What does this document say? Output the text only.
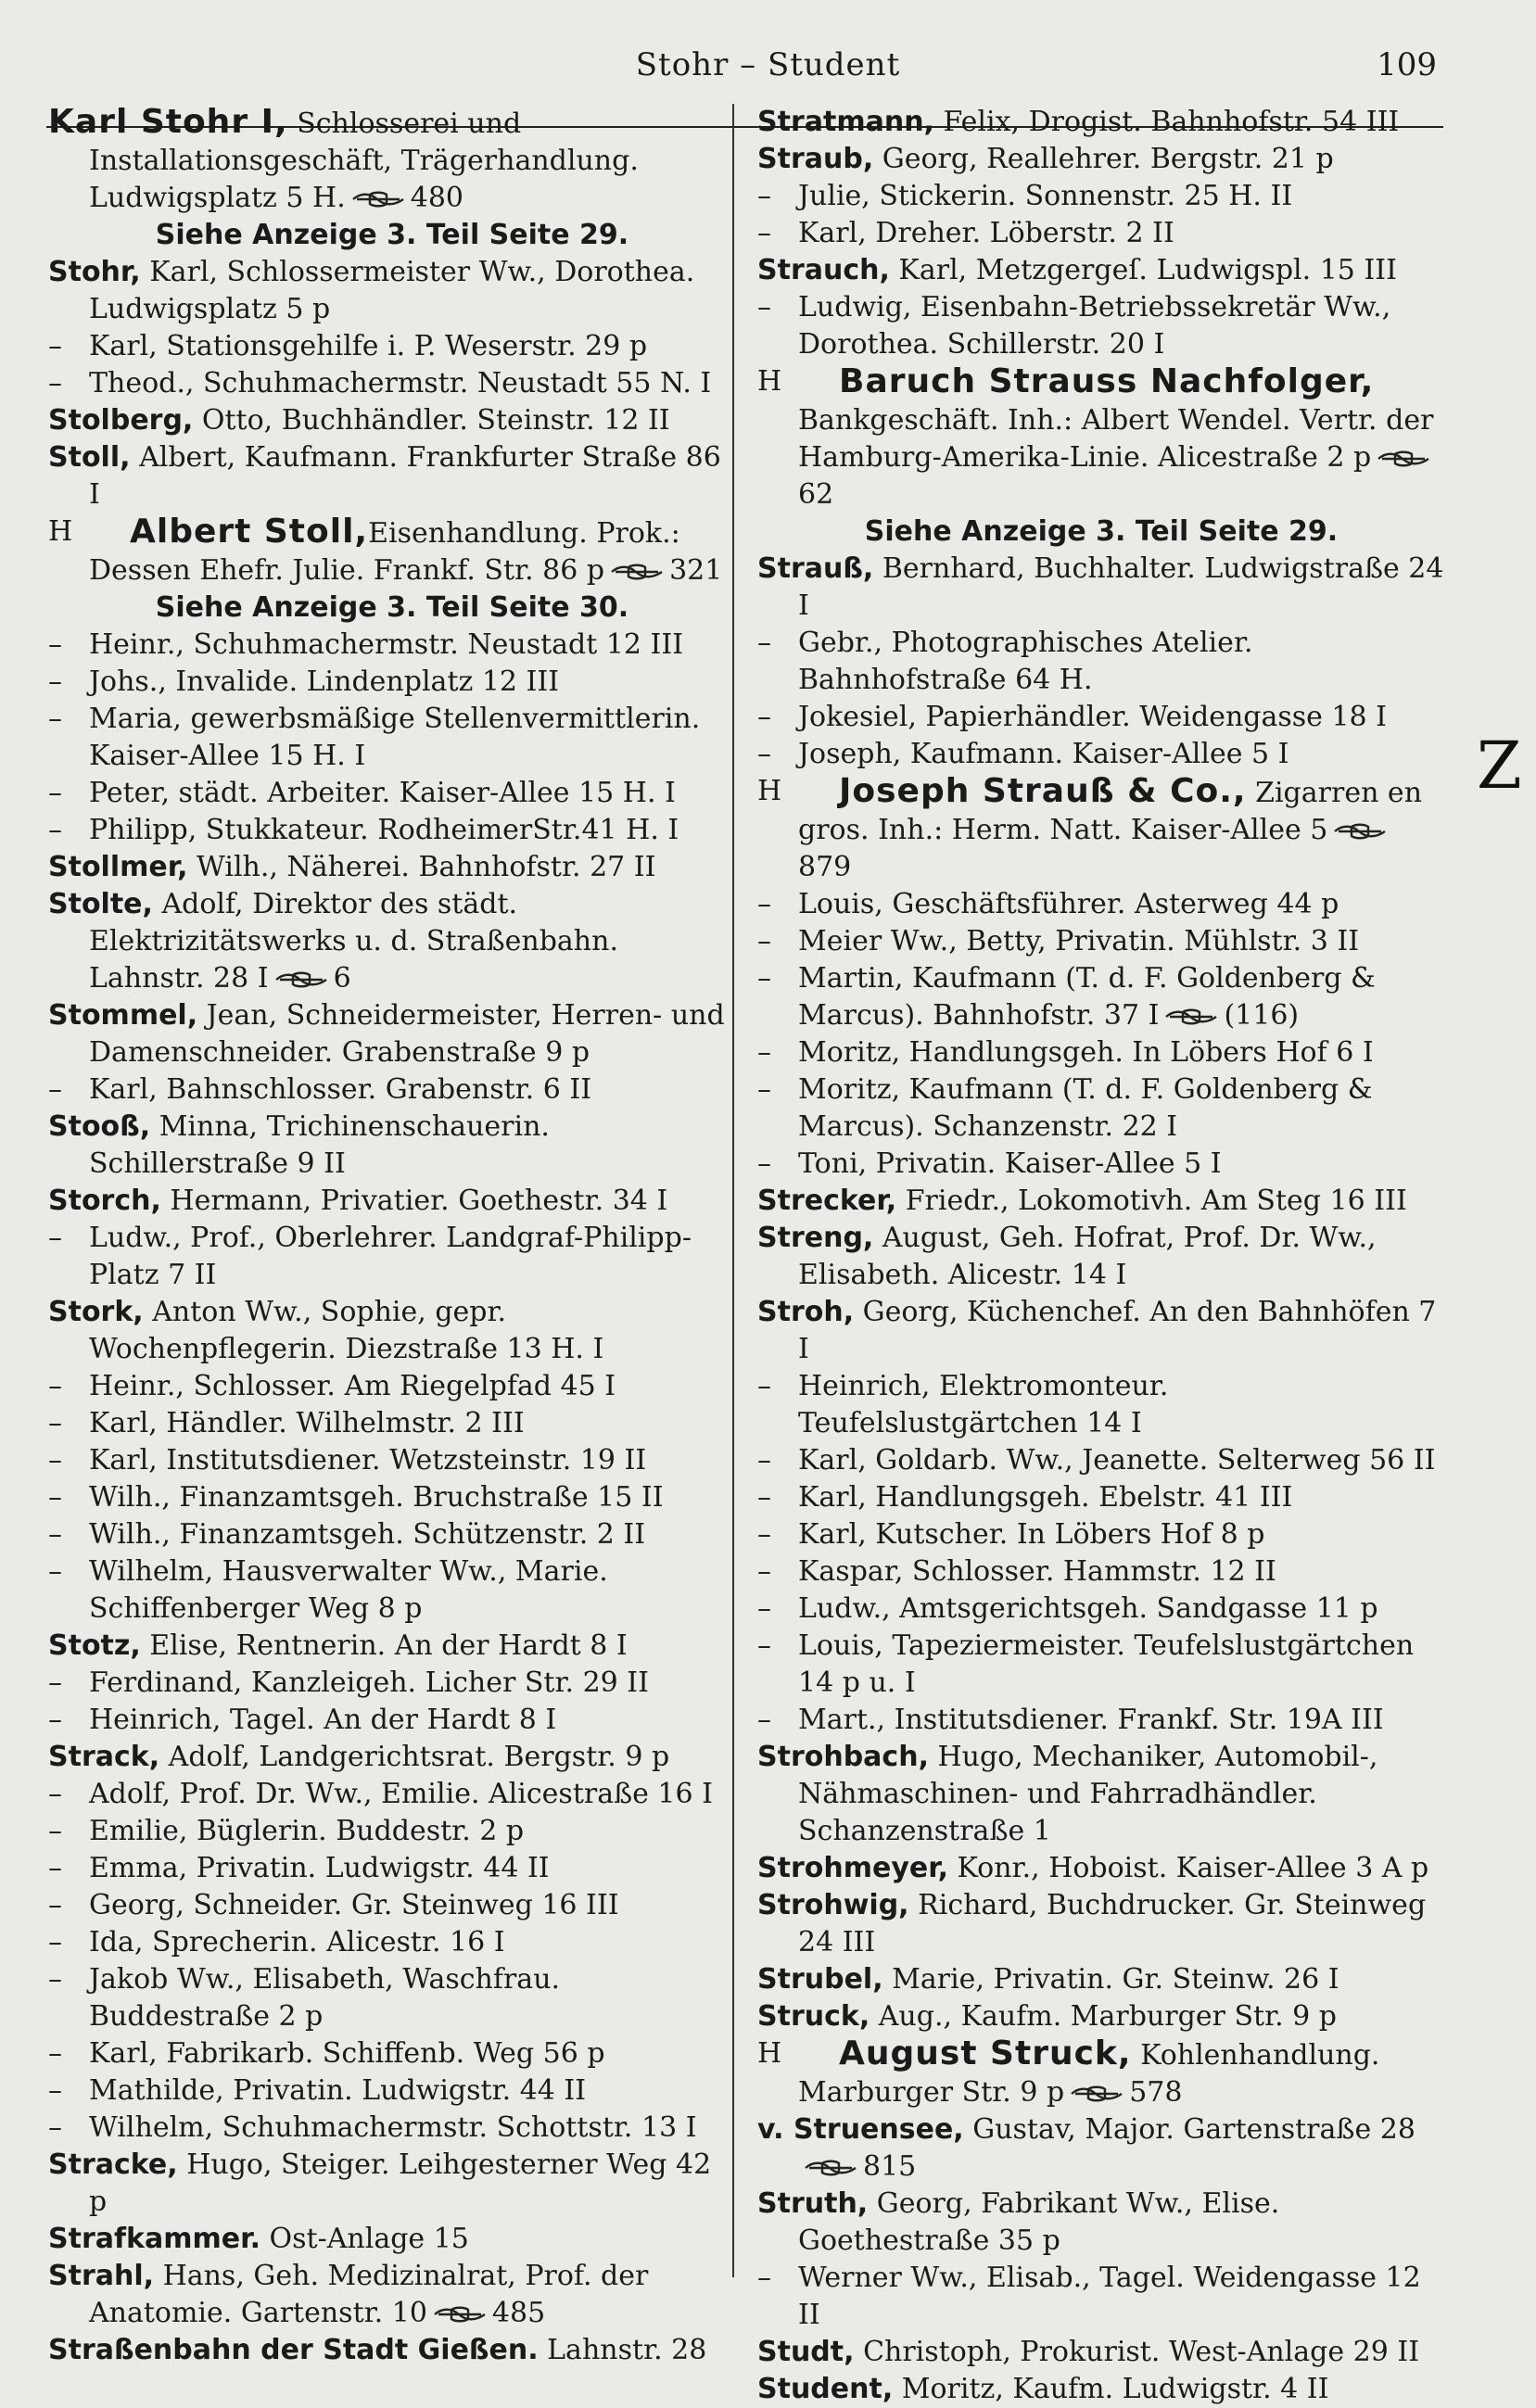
Stohr – Student	109

Karl Stohr I, Schlosserei und Installationsgeschäft, Trägerhandlung. Ludwigsplatz 5 H. 480

Siehe Anzeige 3. Teil Seite 29.

Stohr, Karl, Schlossermeister Ww., Dorothea. Ludwigsplatz 5 p

– Karl, Stationsgehilfe i. P. Weserstr. 29 p

– Theod., Schuhmachermstr. Neustadt 55 N. I

Stolberg, Otto, Buchhändler. Steinstr. 12 II

Stoll, Albert, Kaufmann. Frankfurter Straße 86 I

H Albert Stoll,Eisenhandlung. Prok.: Dessen Ehefr. Julie. Frankf. Str. 86 p 321

Siehe Anzeige 3. Teil Seite 30.

– Heinr., Schuhmachermstr. Neustadt 12 III

– Johs., Invalide. Lindenplatz 12 III

– Maria, gewerbsmäßige Stellenvermittlerin. Kaiser-Allee 15 H. I

– Peter, städt. Arbeiter. Kaiser-Allee 15 H. I

– Philipp, Stukkateur. RodheimerStr.41 H. I

Stollmer, Wilh., Näherei. Bahnhofstr. 27 II

Stolte, Adolf, Direktor des städt. Elektrizitätswerks u. d. Straßenbahn. Lahnstr. 28 I 6

Stommel, Jean, Schneidermeister, Herren- und Damenschneider. Grabenstraße 9 p

– Karl, Bahnschlosser. Grabenstr. 6 II

Stooß, Minna, Trichinenschauerin. Schillerstraße 9 II

Storch, Hermann, Privatier. Goethestr. 34 I

– Ludw., Prof., Oberlehrer. Landgraf-Philipp-Platz 7 II

Stork, Anton Ww., Sophie, gepr. Wochenpflegerin. Diezstraße 13 H. I

– Heinr., Schlosser. Am Riegelpfad 45 I

– Karl, Händler. Wilhelmstr. 2 III

– Karl, Institutsdiener. Wetzsteinstr. 19 II

– Wilh., Finanzamtsgeh. Bruchstraße 15 II

– Wilh., Finanzamtsgeh. Schützenstr. 2 II

– Wilhelm, Hausverwalter Ww., Marie. Schiffenberger Weg 8 p

Stotz, Elise, Rentnerin. An der Hardt 8 I

– Ferdinand, Kanzleigeh. Licher Str. 29 II

– Heinrich, Tagel. An der Hardt 8 I

Strack, Adolf, Landgerichtsrat. Bergstr. 9 p

– Adolf, Prof. Dr. Ww., Emilie. Alicestraße 16 I

– Emilie, Büglerin. Buddestr. 2 p

– Emma, Privatin. Ludwigstr. 44 II

– Georg, Schneider. Gr. Steinweg 16 III

– Ida, Sprecherin. Alicestr. 16 I

– Jakob Ww., Elisabeth, Waschfrau. Buddestraße 2 p

– Karl, Fabrikarb. Schiffenb. Weg 56 p

– Mathilde, Privatin. Ludwigstr. 44 II

– Wilhelm, Schuhmachermstr. Schottstr. 13 I

Stracke, Hugo, Steiger. Leihgesterner Weg 42 p

Strafkammer. Ost-Anlage 15

Strahl, Hans, Geh. Medizinalrat, Prof. der Anatomie. Gartenstr. 10 485

Straßenbahn der Stadt Gießen. Lahnstr. 28

Stratmann, Felix, Drogist. Bahnhofstr. 54 III

Straub, Georg, Reallehrer. Bergstr. 21 p

– Julie, Stickerin. Sonnenstr. 25 H. II

– Karl, Dreher. Löberstr. 2 II

Strauch, Karl, Metzgergeſ. Ludwigspl. 15 III

– Ludwig, Eisenbahn-Betriebssekretär Ww., Dorothea. Schillerstr. 20 I

H Baruch Strauss Nachfolger, Bankgeschäft. Inh.: Albert Wendel. Vertr. der Hamburg-Amerika-Linie. Alicestraße 2 p62

Siehe Anzeige 3. Teil Seite 29.

Strauß, Bernhard, Buchhalter. Ludwigstraße 24 I

– Gebr., Photographisches Atelier. Bahnhofstraße 64 H.

– Jokesiel, Papierhändler. Weidengasse 18 I

– Joseph, Kaufmann. Kaiser-Allee 5 I

H Joseph Strauß & Co., Zigarren en gros. Inh.: Herm. Natt. Kaiser-Allee 5879

– Louis, Geschäftsführer. Asterweg 44 p

– Meier Ww., Betty, Privatin. Mühlstr. 3 II

– Martin, Kaufmann (T. d. F. Goldenberg & Marcus). Bahnhofstr. 37 I (116)

– Moritz, Handlungsgeh. In Löbers Hof 6 I

– Moritz, Kaufmann (T. d. F. Goldenberg & Marcus). Schanzenstr. 22 I

– Toni, Privatin. Kaiser-Allee 5 I

Strecker, Friedr., Lokomotivh. Am Steg 16 III

Streng, August, Geh. Hofrat, Prof. Dr. Ww., Elisabeth. Alicestr. 14 I

Stroh, Georg, Küchenchef. An den Bahnhöfen 7 I

– Heinrich, Elektromonteur. Teufelslustgärtchen 14 I

– Karl, Goldarb. Ww., Jeanette. Selterweg 56 II

– Karl, Handlungsgeh. Ebelstr. 41 III

– Karl, Kutscher. In Löbers Hof 8 p

– Kaspar, Schlosser. Hammstr. 12 II

– Ludw., Amtsgerichtsgeh. Sandgasse 11 p

– Louis, Tapeziermeister. Teufelslustgärtchen 14 p u. I

– Mart., Institutsdiener. Frankf. Str. 19A III

Strohbach, Hugo, Mechaniker, Automobil-, Nähmaschinen- und Fahrradhändler. Schanzenstraße 1

Strohmeyer, Konr., Hoboist. Kaiser-Allee 3 A p

Strohwig, Richard, Buchdrucker. Gr. Steinweg 24 III

Strubel, Marie, Privatin. Gr. Steinw. 26 I

Struck, Aug., Kaufm. Marburger Str. 9 p

H August Struck, Kohlenhandlung. Marburger Str. 9 p 578

v. Struensee, Gustav, Major. Gartenstraße 28815

Struth, Georg, Fabrikant Ww., Elise. Goethestraße 35 p

– Werner Ww., Elisab., Tagel. Weidengasse 12 II

Studt, Christoph, Prokurist. West-Anlage 29 II

Student, Moritz, Kaufm. Ludwigstr. 4 II

Z
